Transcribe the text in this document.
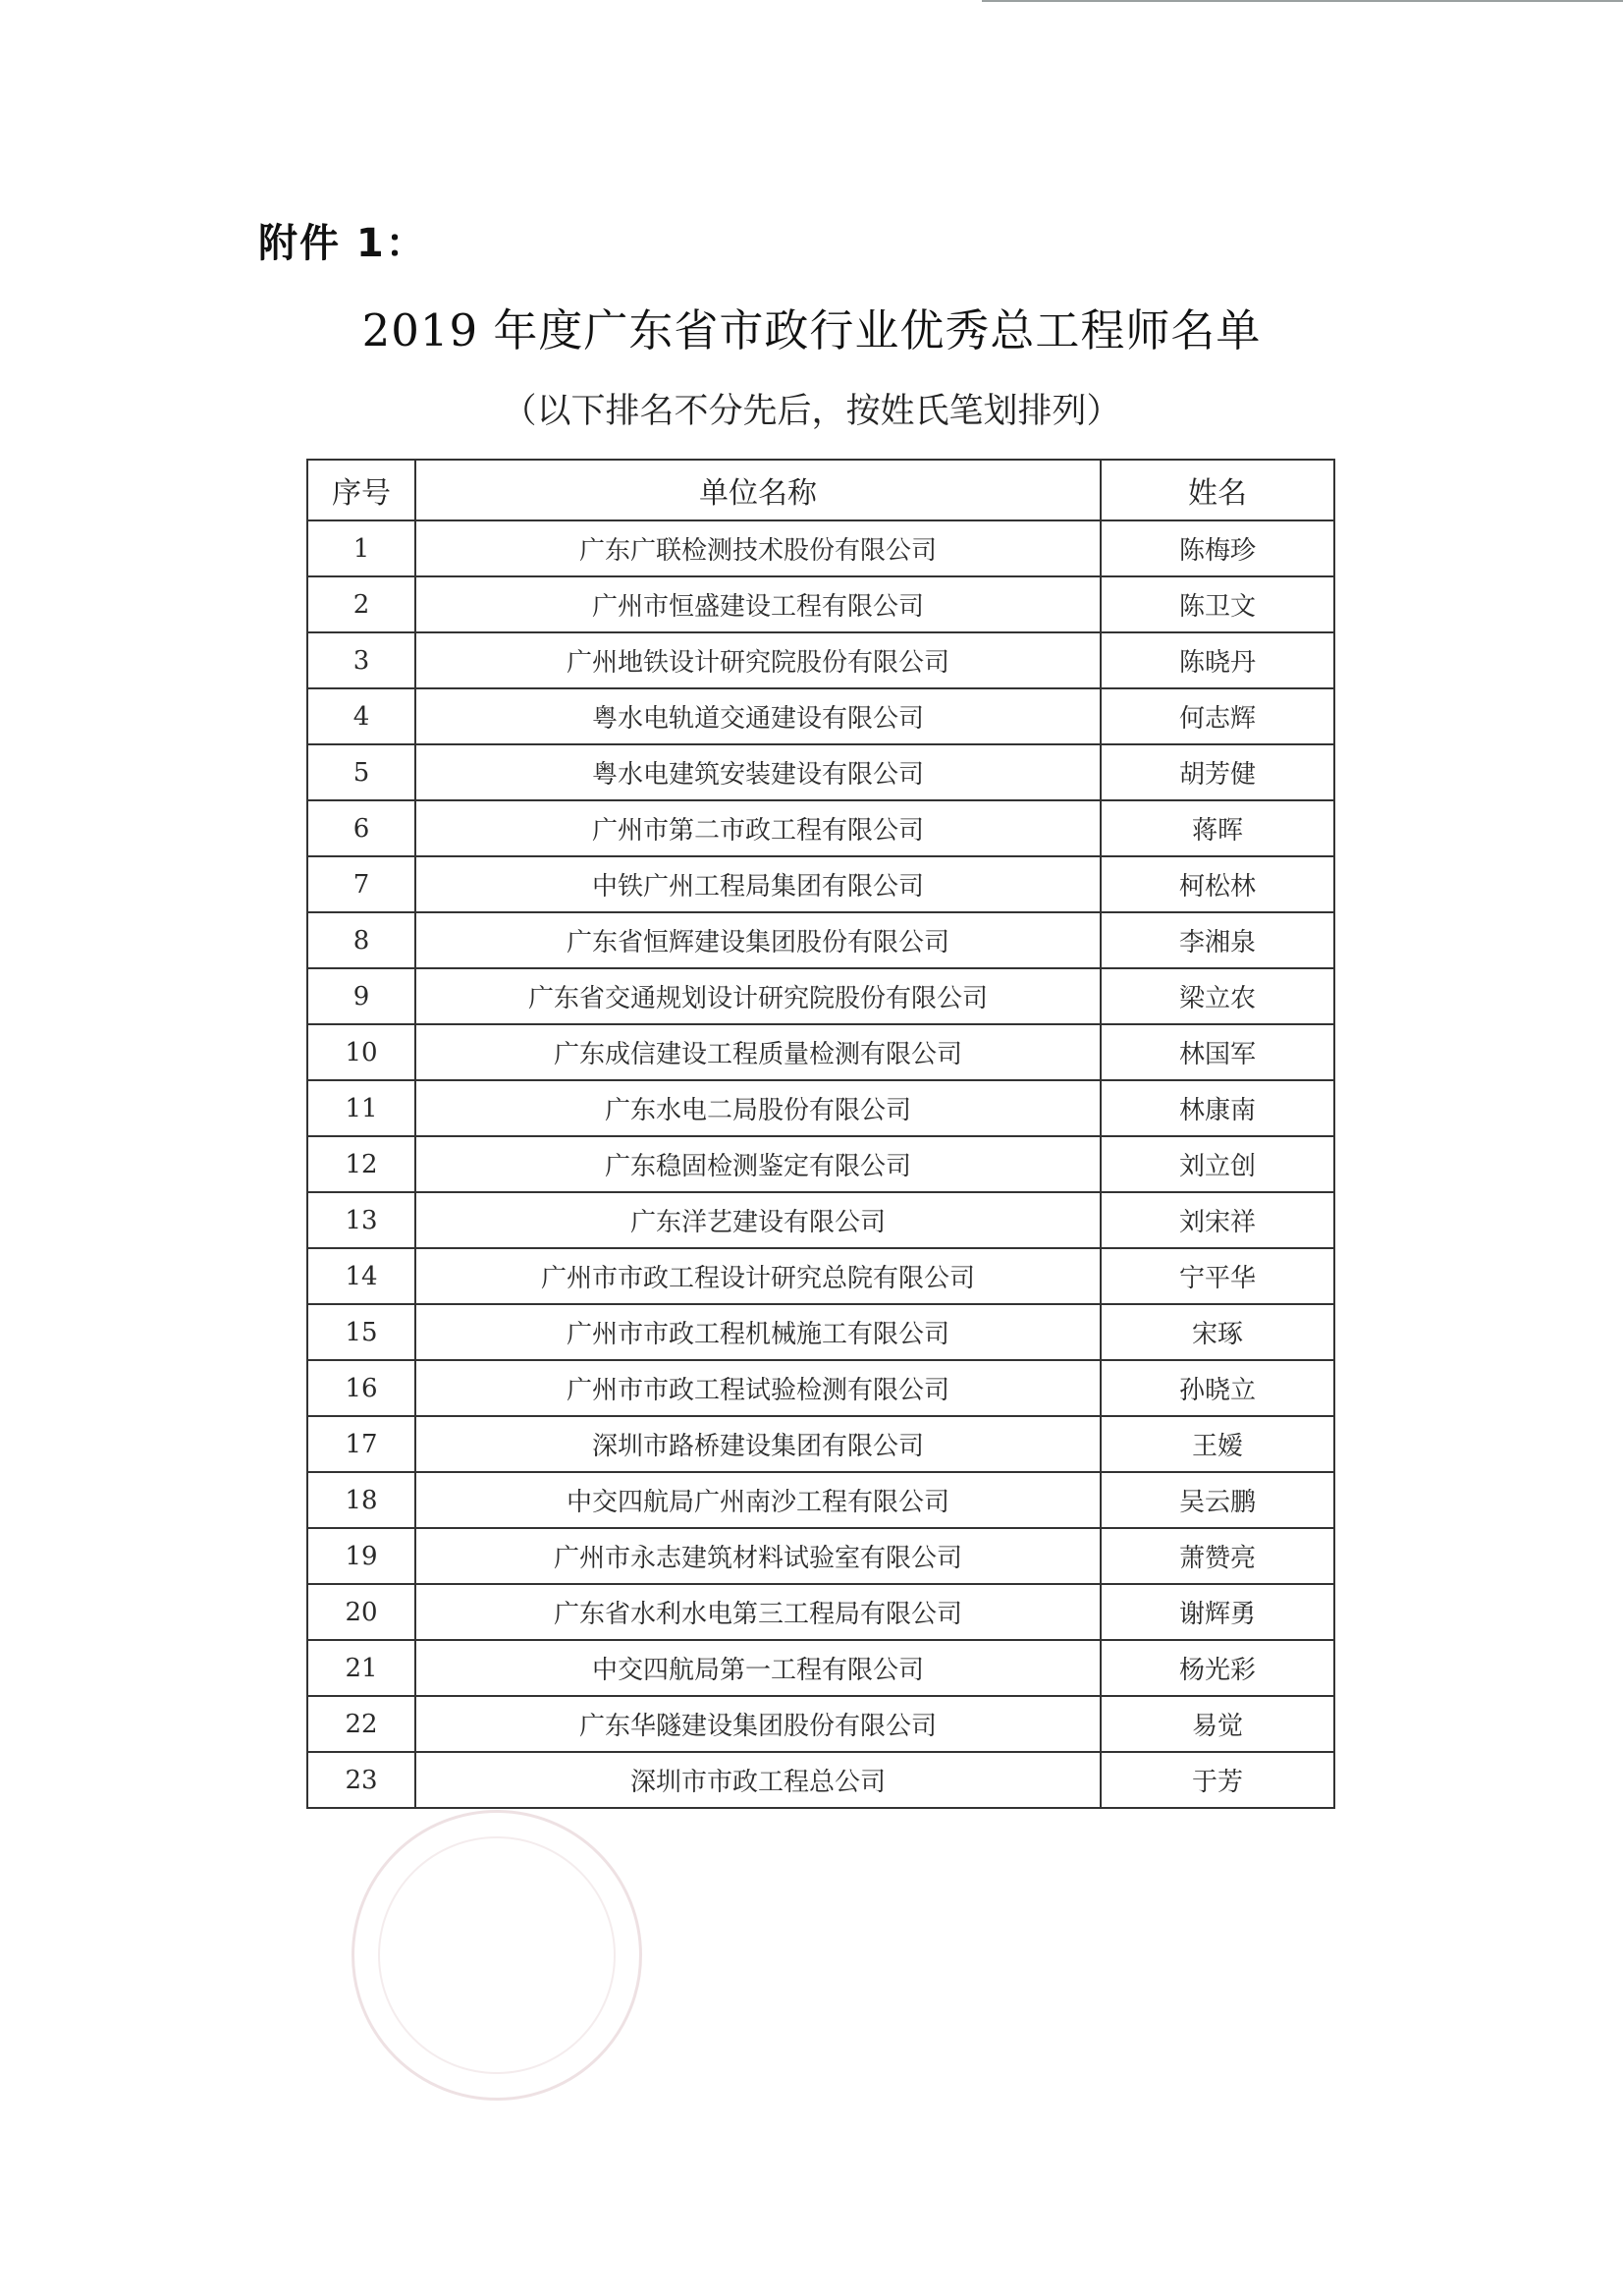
附件 1：
2019 年度广东省市政行业优秀总工程师名单
（以下排名不分先后，按姓氏笔划排列）
序号	单位名称	姓名
1	广东广联检测技术股份有限公司	陈梅珍
2	广州市恒盛建设工程有限公司	陈卫文
3	广州地铁设计研究院股份有限公司	陈晓丹
4	粤水电轨道交通建设有限公司	何志辉
5	粤水电建筑安装建设有限公司	胡芳健
6	广州市第二市政工程有限公司	蒋晖
7	中铁广州工程局集团有限公司	柯松林
8	广东省恒辉建设集团股份有限公司	李湘泉
9	广东省交通规划设计研究院股份有限公司	梁立农
10	广东成信建设工程质量检测有限公司	林国军
11	广东水电二局股份有限公司	林康南
12	广东稳固检测鉴定有限公司	刘立创
13	广东洋艺建设有限公司	刘宋祥
14	广州市市政工程设计研究总院有限公司	宁平华
15	广州市市政工程机械施工有限公司	宋琢
16	广州市市政工程试验检测有限公司	孙晓立
17	深圳市路桥建设集团有限公司	王嫒
18	中交四航局广州南沙工程有限公司	吴云鹏
19	广州市永志建筑材料试验室有限公司	萧赞亮
20	广东省水利水电第三工程局有限公司	谢辉勇
21	中交四航局第一工程有限公司	杨光彩
22	广东华隧建设集团股份有限公司	易觉
23	深圳市市政工程总公司	于芳
